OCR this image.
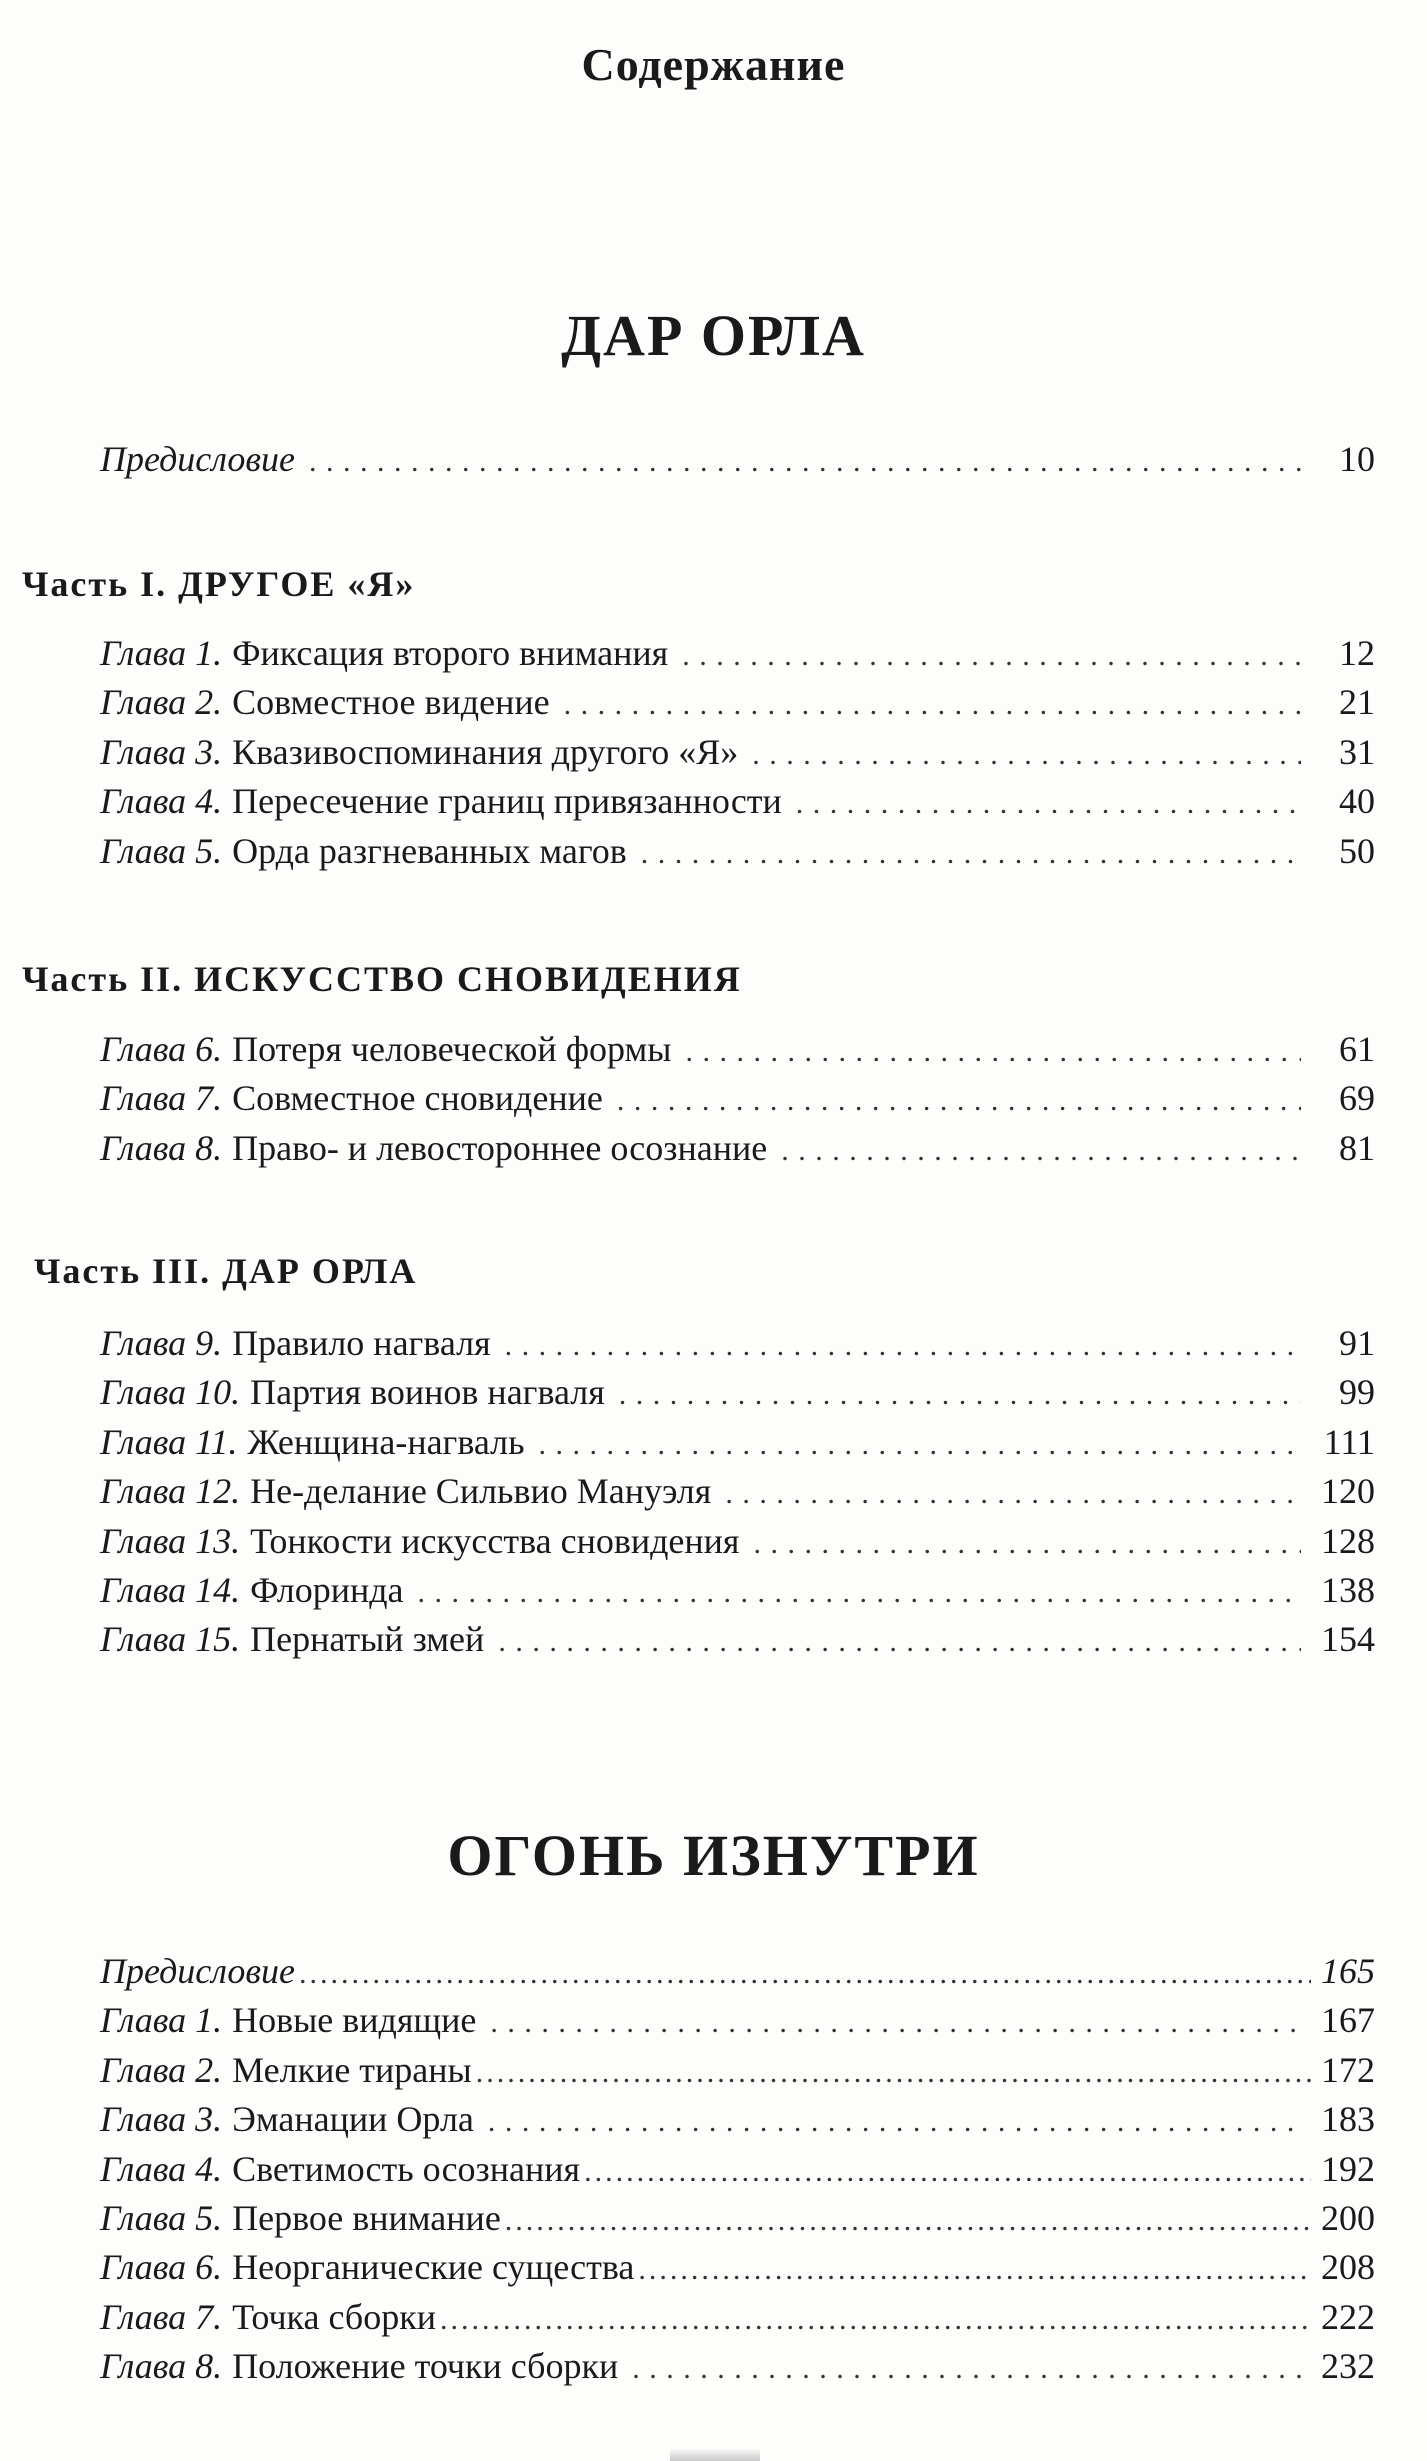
Содержание
ДАР ОРЛА
Предисловие . . .	10
Часть I. ДРУГОЕ «Я»
Глава 1. Фиксация второго внимания . . .	12
Глава 2. Совместное видение . . .	21
Глава 3. Квазивоспоминания другого «Я» . . .	31
Глава 4. Пересечение границ привязанности . . .	40
Глава 5. Орда разгневанных магов . . .	50
Часть II. ИСКУССТВО СНОВИДЕНИЯ
Глава 6. Потеря человеческой формы . . .	61
Глава 7. Совместное сновидение . . .	69
Глава 8. Право- и левостороннее осознание . . .	81
Часть III. ДАР ОРЛА
Глава 9. Правило нагваля . . .	91
Глава 10. Партия воинов нагваля . . .	99
Глава 11. Женщина-нагваль . . .	111
Глава 12. Не-делание Сильвио Мануэля . . .	120
Глава 13. Тонкости искусства сновидения . . .	128
Глава 14. Флоринда . . .	138
Глава 15. Пернатый змей . . .	154
ОГОНЬ ИЗНУТРИ
Предисловие .....	165
Глава 1. Новые видящие . . .	167
Глава 2. Мелкие тираны .....	172
Глава 3. Эманации Орла . . .	183
Глава 4. Светимость осознания .....	192
Глава 5. Первое внимание .....	200
Глава 6. Неорганические существа .....	208
Глава 7. Точка сборки .....	222
Глава 8. Положение точки сборки . . .	232
